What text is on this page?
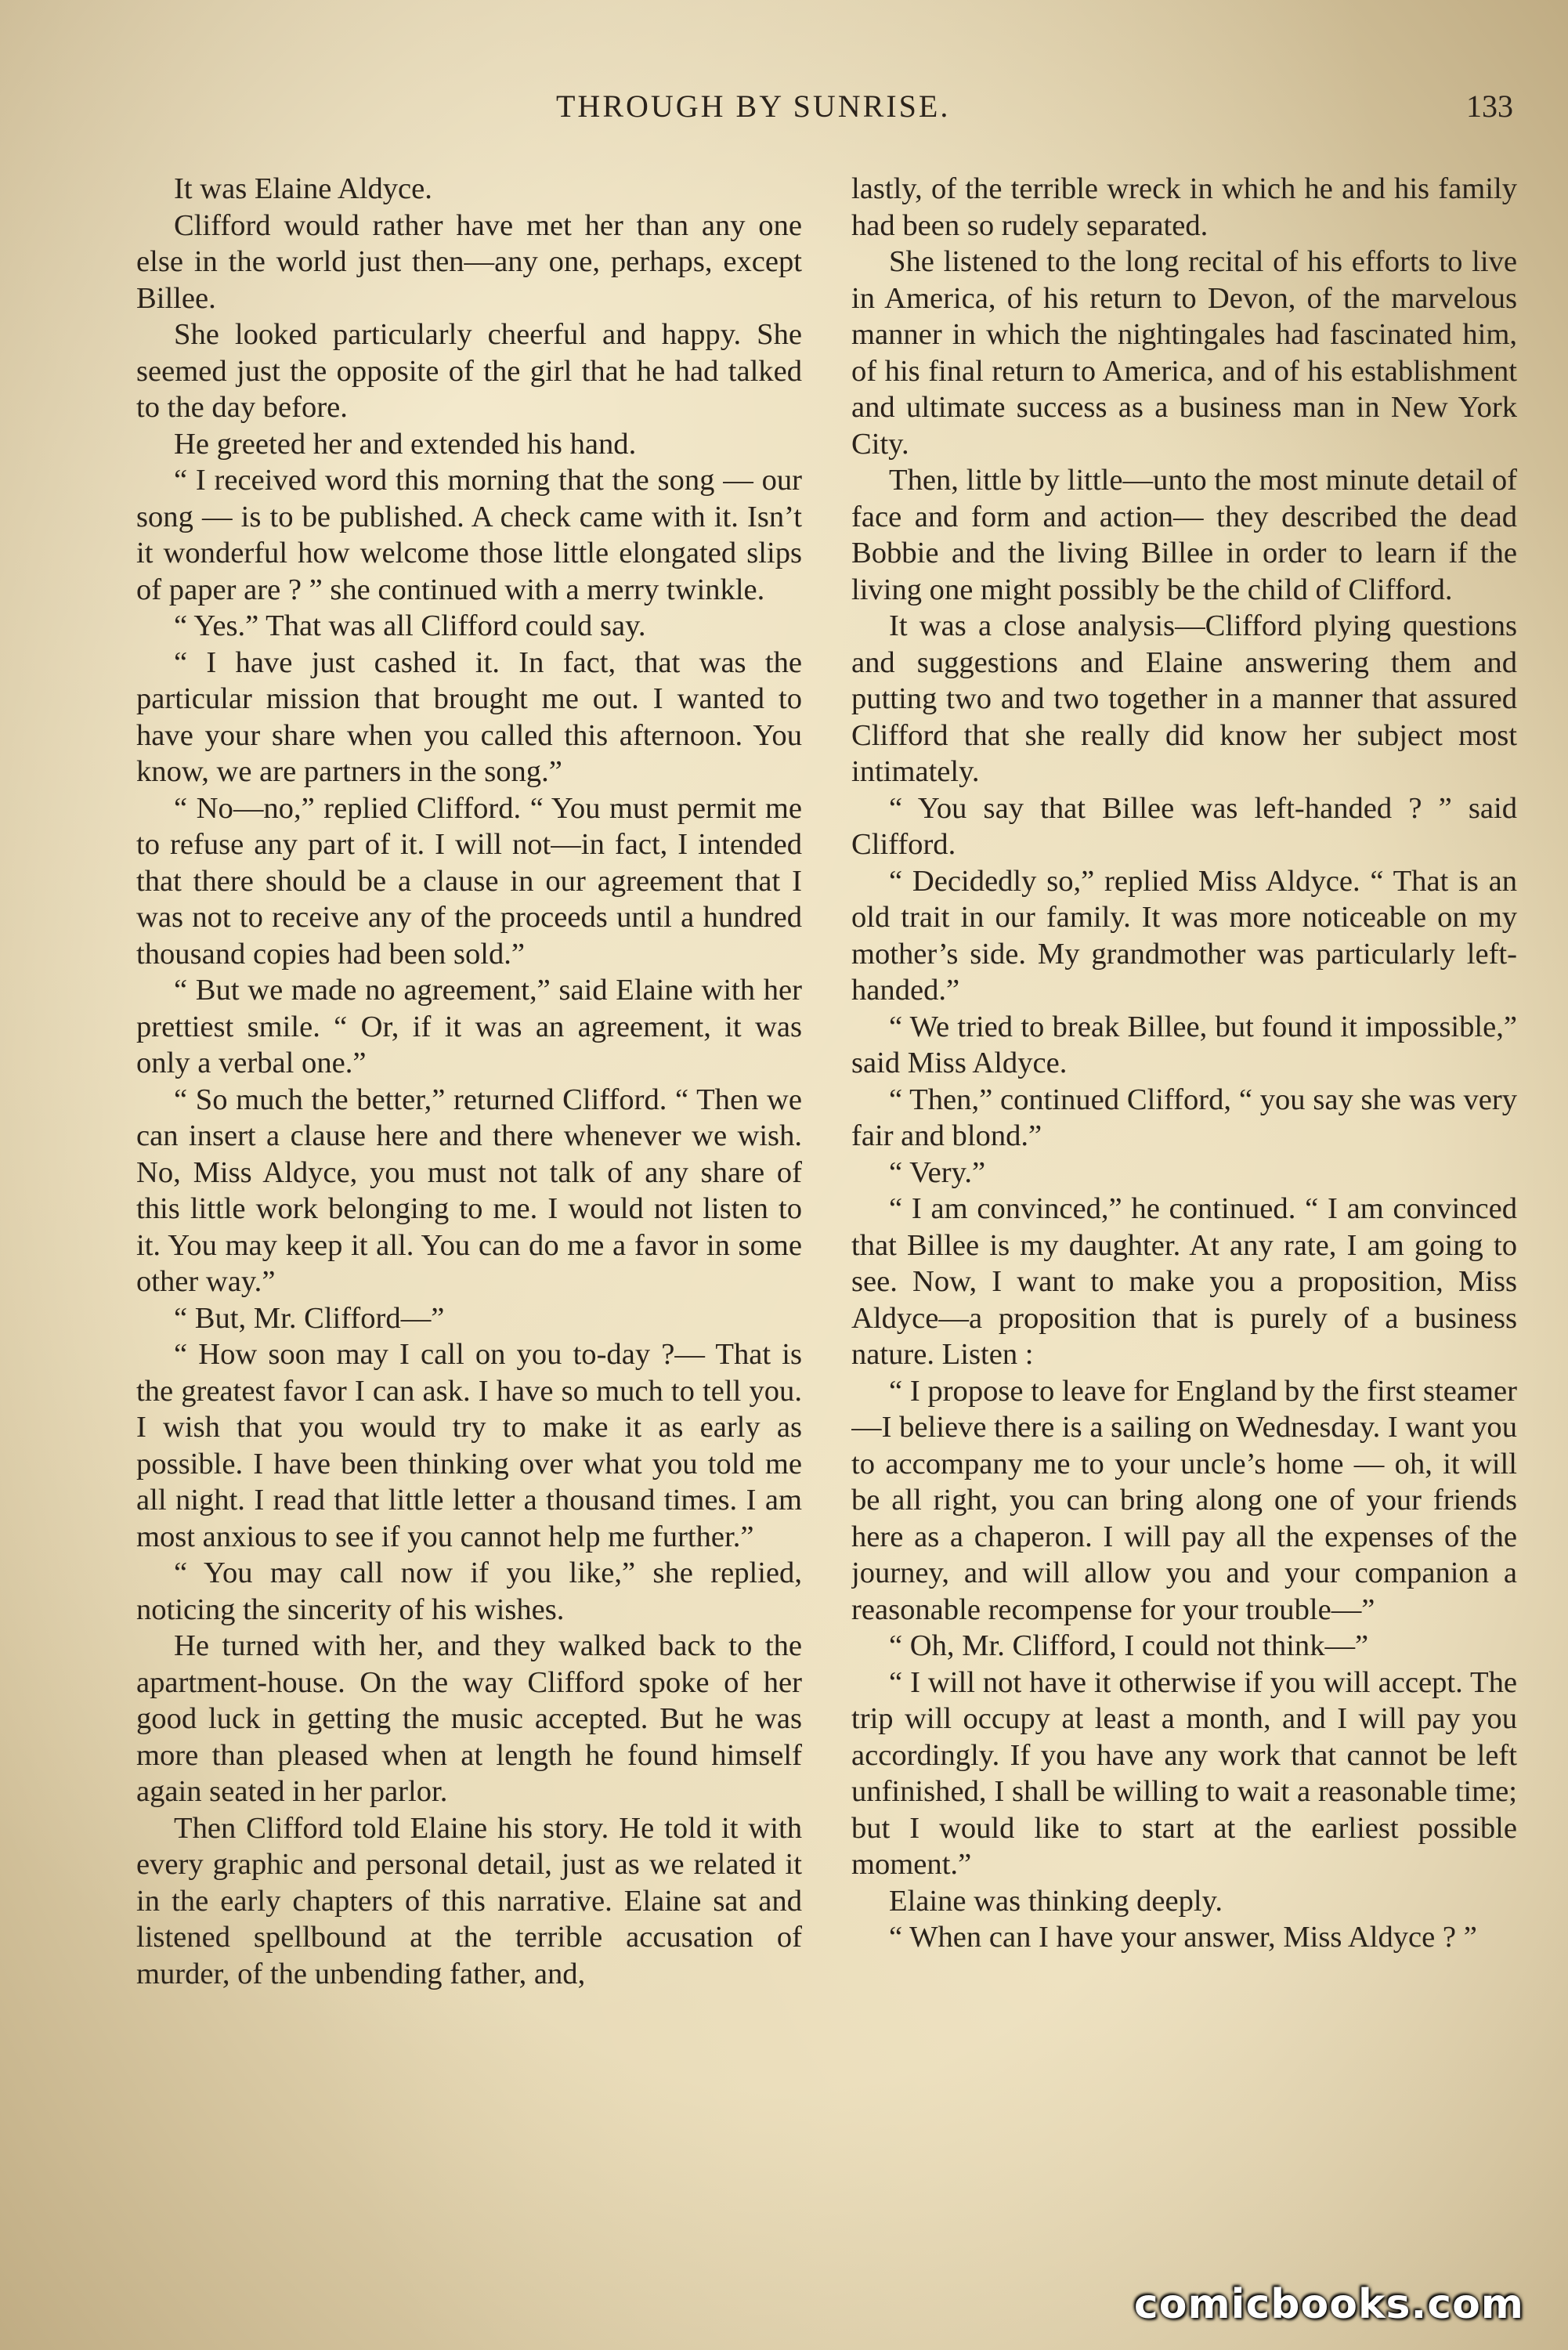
THROUGH BY SUNRISE.	133

It was Elaine Aldyce.

Clifford would rather have met her than any one else in the world just then—any one, perhaps, except Billee.

She looked particularly cheerful and happy. She seemed just the opposite of the girl that he had talked to the day before.

He greeted her and extended his hand.

“ I received word this morning that the song — our song — is to be published. A check came with it. Isn’t it wonderful how welcome those little elongated slips of paper are ? ” she continued with a merry twinkle.

“ Yes.” That was all Clifford could say.

“ I have just cashed it. In fact, that was the particular mission that brought me out. I wanted to have your share when you called this afternoon. You know, we are partners in the song.”

“ No—no,” replied Clifford. “ You must permit me to refuse any part of it. I will not—in fact, I intended that there should be a clause in our agreement that I was not to receive any of the proceeds until a hundred thousand copies had been sold.”

“ But we made no agreement,” said Elaine with her prettiest smile. “ Or, if it was an agreement, it was only a verbal one.”

“ So much the better,” returned Clifford. “ Then we can insert a clause here and there whenever we wish. No, Miss Aldyce, you must not talk of any share of this little work belonging to me. I would not listen to it. You may keep it all. You can do me a favor in some other way.”

“ But, Mr. Clifford—”

“ How soon may I call on you to-day ?— That is the greatest favor I can ask. I have so much to tell you. I wish that you would try to make it as early as possible. I have been thinking over what you told me all night. I read that little letter a thousand times. I am most anxious to see if you cannot help me further.”

“ You may call now if you like,” she replied, noticing the sincerity of his wishes.

He turned with her, and they walked back to the apartment-house. On the way Clifford spoke of her good luck in getting the music accepted. But he was more than pleased when at length he found himself again seated in her parlor.

Then Clifford told Elaine his story. He told it with every graphic and personal detail, just as we related it in the early chapters of this narrative. Elaine sat and listened spellbound at the terrible accusation of murder, of the unbending father, and,

lastly, of the terrible wreck in which he and his family had been so rudely separated.

She listened to the long recital of his efforts to live in America, of his return to Devon, of the marvelous manner in which the nightingales had fascinated him, of his final return to America, and of his establishment and ultimate success as a business man in New York City.

Then, little by little—unto the most minute detail of face and form and action— they described the dead Bobbie and the living Billee in order to learn if the living one might possibly be the child of Clifford.

It was a close analysis—Clifford plying questions and suggestions and Elaine answering them and putting two and two together in a manner that assured Clifford that she really did know her subject most intimately.

“ You say that Billee was left-handed ? ” said Clifford.

“ Decidedly so,” replied Miss Aldyce. “ That is an old trait in our family. It was more noticeable on my mother’s side. My grandmother was particularly left-handed.”

“ We tried to break Billee, but found it impossible,” said Miss Aldyce.

“ Then,” continued Clifford, “ you say she was very fair and blond.”

“ Very.”

“ I am convinced,” he continued. “ I am convinced that Billee is my daughter. At any rate, I am going to see. Now, I want to make you a proposition, Miss Aldyce—a proposition that is purely of a business nature. Listen :

“ I propose to leave for England by the first steamer—I believe there is a sailing on Wednesday. I want you to accompany me to your uncle’s home — oh, it will be all right, you can bring along one of your friends here as a chaperon. I will pay all the expenses of the journey, and will allow you and your companion a reasonable recompense for your trouble—”

“ Oh, Mr. Clifford, I could not think—”

“ I will not have it otherwise if you will accept. The trip will occupy at least a month, and I will pay you accordingly. If you have any work that cannot be left unfinished, I shall be willing to wait a reasonable time; but I would like to start at the earliest possible moment.”

Elaine was thinking deeply.

“ When can I have your answer, Miss Aldyce ? ”

comicbooks.com
